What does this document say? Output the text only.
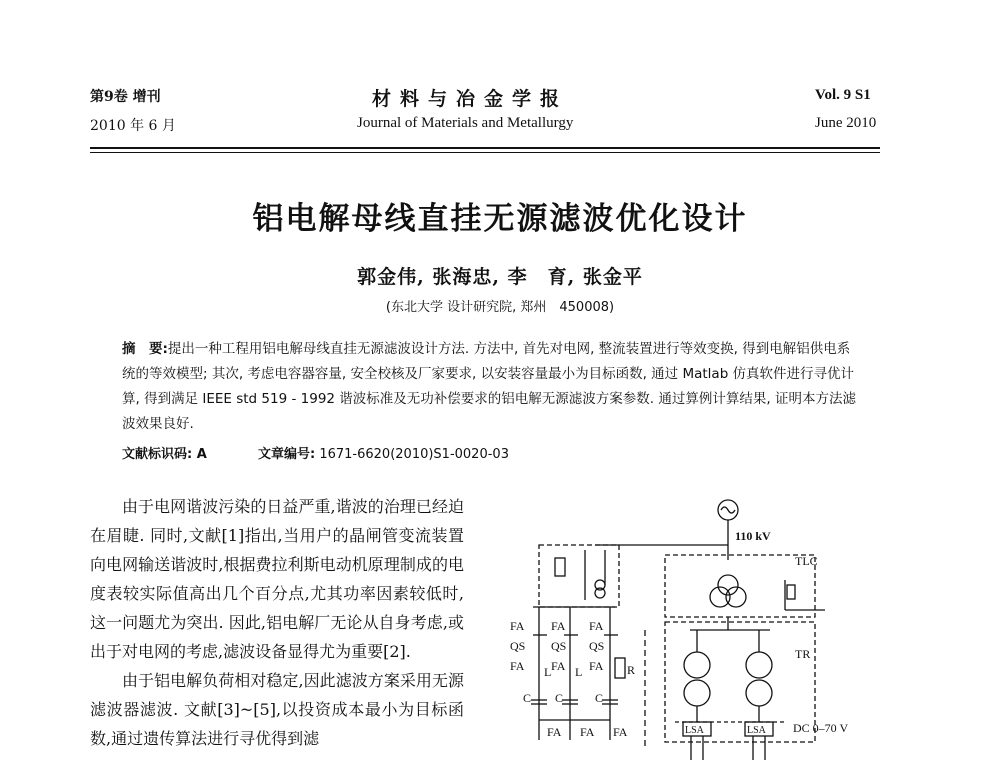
第9卷 增刊
2010 年 6 月
材料与冶金学报
Journal of Materials and Metallurgy
Vol. 9 S1
June 2010
铝电解母线直挂无源滤波优化设计
郭金伟, 张海忠, 李　育, 张金平
(东北大学 设计研究院, 郑州　450008)
摘　要:提出一种工程用铝电解母线直挂无源滤波设计方法. 方法中, 首先对电网, 整流装置进行等效变换, 得到电解铝供电系统的等效模型; 其次, 考虑电容器容量, 安全校核及厂家要求, 以安装容量最小为目标函数, 通过 Matlab 仿真软件进行寻优计算, 得到满足 IEEE std 519 - 1992 谐波标准及无功补偿要求的铝电解无源滤波方案参数. 通过算例计算结果, 证明本方法滤波效果良好.
文献标识码: A	文章编号: 1671-6620(2010)S1-0020-03

由于电网谐波污染的日益严重,谐波的治理已经迫在眉睫. 同时,文献[1]指出,当用户的晶闸管变流装置向电网输送谐波时,根据费拉利斯电动机原理制成的电度表较实际值高出几个百分点,尤其功率因素较低时,这一问题尤为突出. 因此,铝电解厂无论从自身考虑,或出于对电网的考虑,滤波设备显得尤为重要[2].

由于铝电解负荷相对稳定,因此滤波方案采用无源滤波器滤波. 文献[3]~[5],以投资成本最小为目标函数,通过遗传算法进行寻优得到滤

110 kV
TLC
TR
DC 0–70 V
FA FA FA
QS QS QS
FA FA FA
L L	R
C C	C
FA FA FA	LSA	LSA
